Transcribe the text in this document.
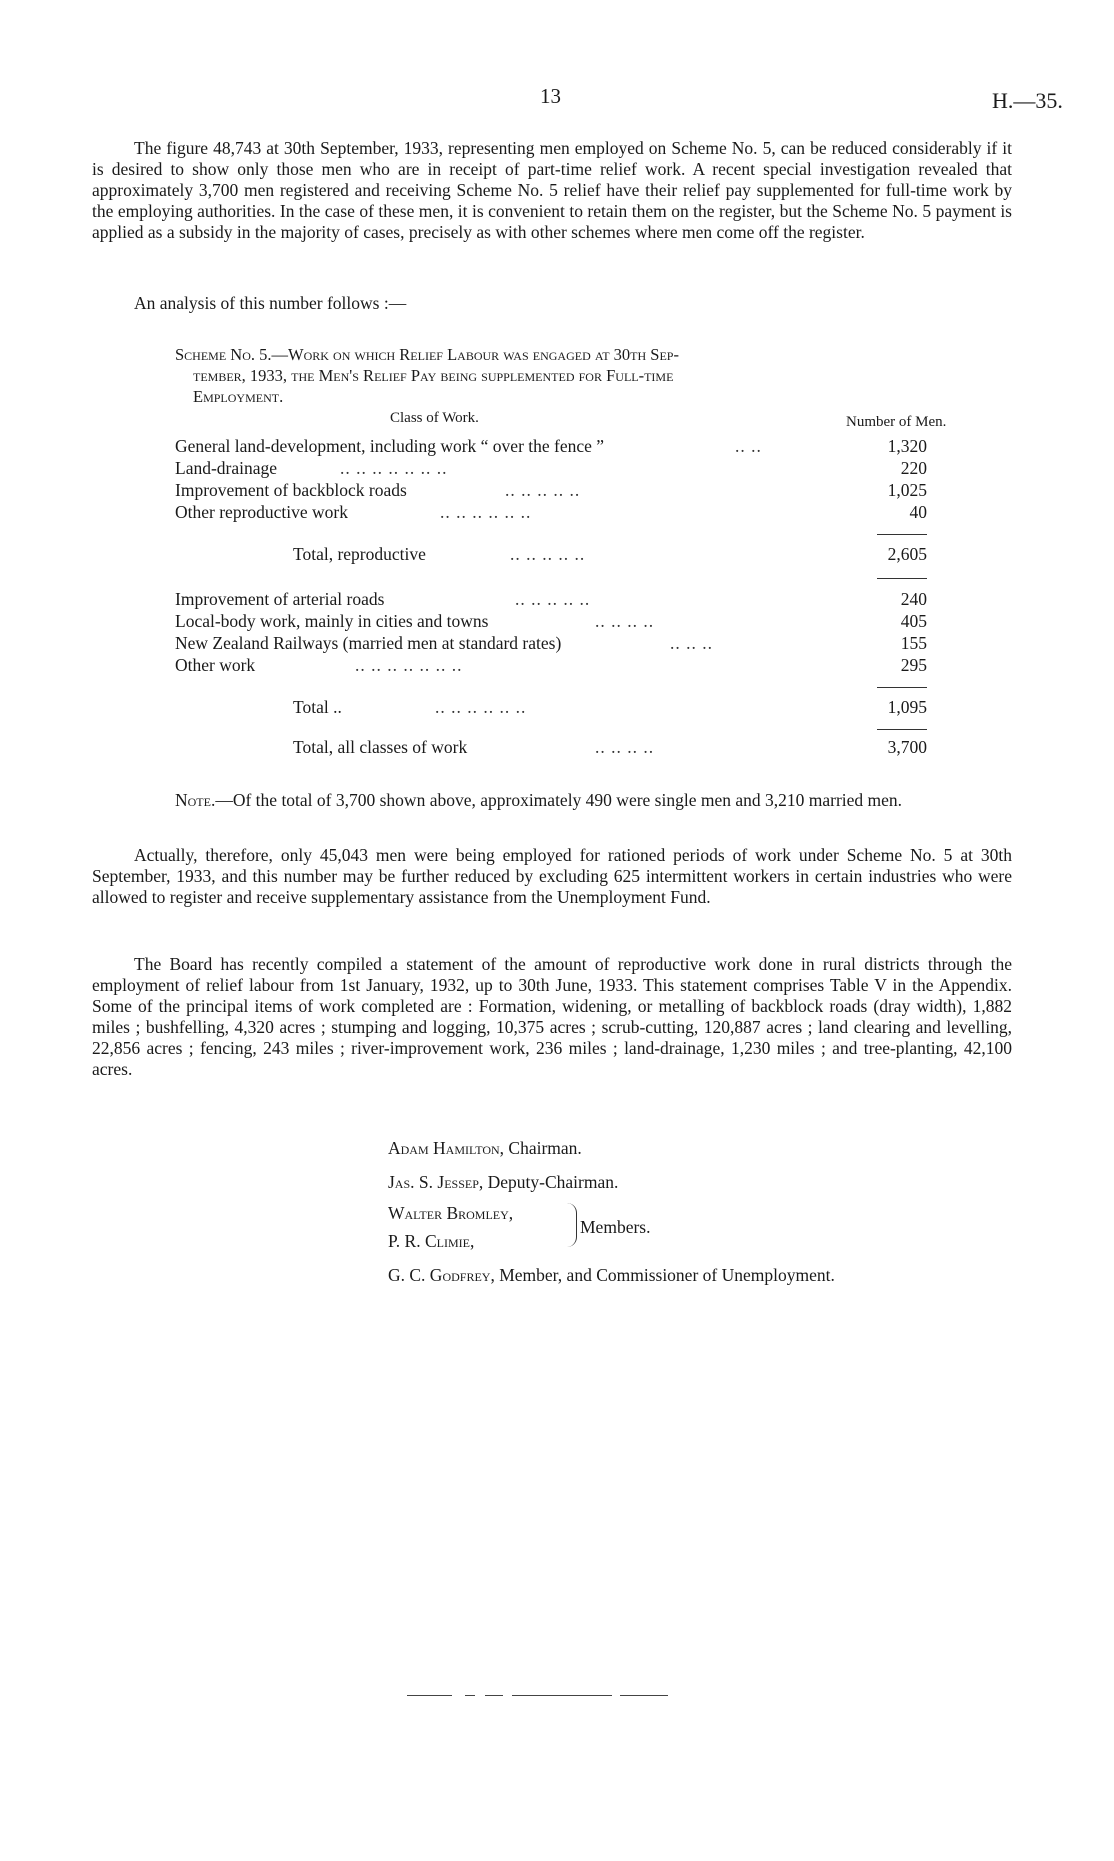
13	H.—35.

The figure 48,743 at 30th September, 1933, representing men employed on Scheme No. 5, can be reduced considerably if it is desired to show only those men who are in receipt of part-time relief work. A recent special investigation revealed that approximately 3,700 men registered and receiving Scheme No. 5 relief have their relief pay supplemented for full-time work by the employing authorities. In the case of these men, it is convenient to retain them on the register, but the Scheme No. 5 payment is applied as a subsidy in the majority of cases, precisely as with other schemes where men come off the register.

An analysis of this number follows :—

Scheme No. 5.—Work on which Relief Labour was engaged at 30th Sep-
tember, 1933, the Men's Relief Pay being supplemented for Full-time
Employment.
Class of Work.	Number of Men.
General land-development, including work “ over the fence ”	.. ..	1,320
Land-drainage	.. .. .. .. .. .. ..	220
Improvement of backblock roads	.. .. .. .. ..	1,025
Other reproductive work	.. .. .. .. .. ..	40
Total, reproductive	.. .. .. .. ..	2,605
Improvement of arterial roads	.. .. .. .. ..	240
Local-body work, mainly in cities and towns	.. .. .. ..	405
New Zealand Railways (married men at standard rates)	.. .. ..	155
Other work	.. .. .. .. .. .. ..	295
Total ..	.. .. .. .. .. ..	1,095
Total, all classes of work	.. .. .. ..	3,700

Note.—Of the total of 3,700 shown above, approximately 490 were single men and 3,210 married men.

Actually, therefore, only 45,043 men were being employed for rationed periods of work under Scheme No. 5 at 30th September, 1933, and this number may be further reduced by excluding 625 intermittent workers in certain industries who were allowed to register and receive supplementary assistance from the Unemployment Fund.

The Board has recently compiled a statement of the amount of reproductive work done in rural districts through the employment of relief labour from 1st January, 1932, up to 30th June, 1933. This statement comprises Table V in the Appendix. Some of the principal items of work completed are : Formation, widening, or metalling of backblock roads (dray width), 1,882 miles ; bushfelling, 4,320 acres ; stumping and logging, 10,375 acres ; scrub-cutting, 120,887 acres ; land clearing and levelling, 22,856 acres ; fencing, 243 miles ; river-improvement work, 236 miles ; land-drainage, 1,230 miles ; and tree-planting, 42,100 acres.

Adam Hamilton, Chairman.
Jas. S. Jessep, Deputy-Chairman.
Walter Bromley,
P. R. Climie,
Members.
G. C. Godfrey, Member, and Commissioner of Unemployment.
